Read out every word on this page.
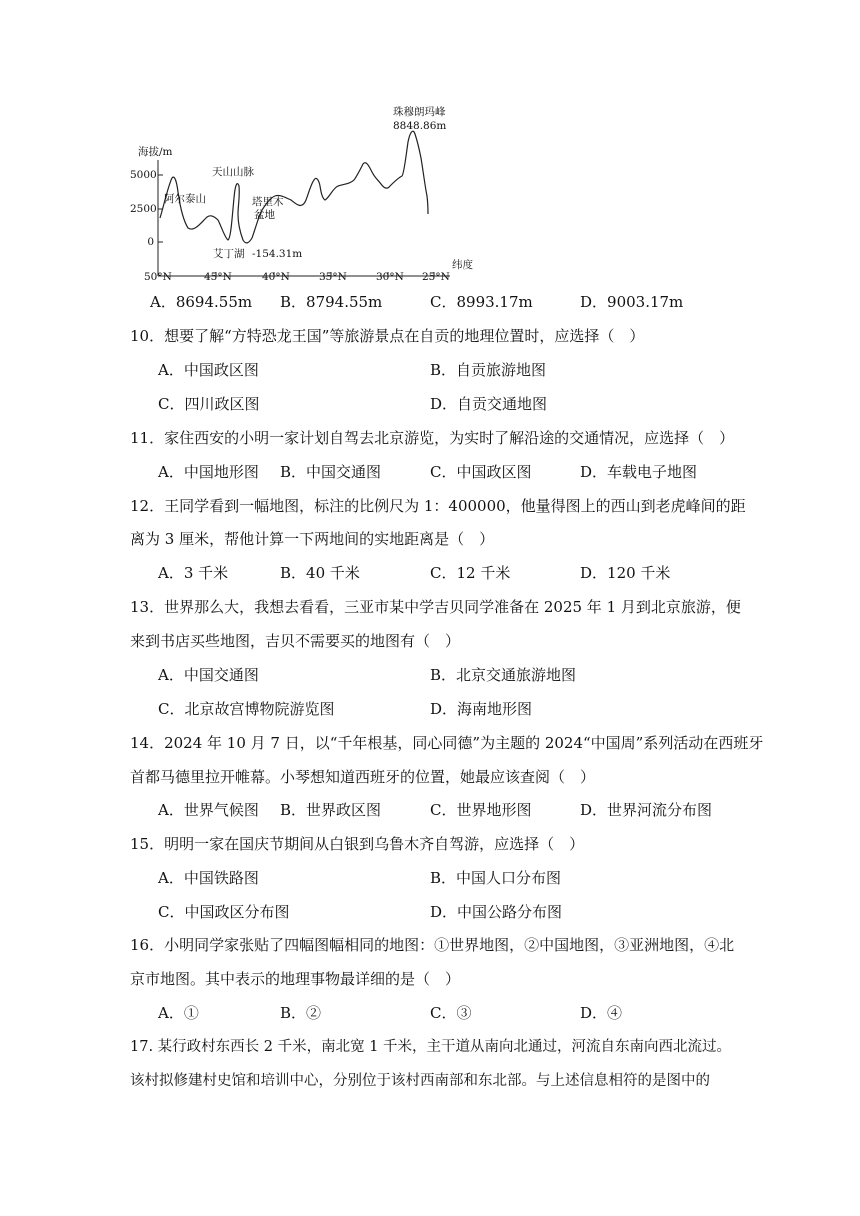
珠穆朗玛峰
8848.86m
海拔/m
5000
2500
0
阿尔泰山
天山山脉
塔里木
盆地
艾丁湖 -154.31m
50°N	45°N	40°N	35°N	30°N 25°N
纬度
A．8694.55m B．8794.55m	C．8993.17m	D．9003.17m
10．想要了解“方特恐龙王国”等旅游景点在自贡的地理位置时，应选择（　）
A．中国政区图	B．自贡旅游地图
C．四川政区图	D．自贡交通地图
11．家住西安的小明一家计划自驾去北京游览，为实时了解沿途的交通情况，应选择（　）
A．中国地形图 B．中国交通图	C．中国政区图	D．车载电子地图
12．王同学看到一幅地图，标注的比例尺为 1：400000，他量得图上的西山到老虎峰间的距
离为 3 厘米，帮他计算一下两地间的实地距离是（　）
A．3 千米	B．40 千米	C．12 千米	D．120 千米
13．世界那么大，我想去看看，三亚市某中学吉贝同学准备在 2025 年 1 月到北京旅游，便
来到书店买些地图，吉贝不需要买的地图有（　）
A．中国交通图	B．北京交通旅游地图
C．北京故宫博物院游览图	D．海南地形图
14．2024 年 10 月 7 日，以“千年根基，同心同德”为主题的 2024“中国周”系列活动在西班牙
首都马德里拉开帷幕。小琴想知道西班牙的位置，她最应该查阅（　）
A．世界气候图 B．世界政区图	C．世界地形图	D．世界河流分布图
15．明明一家在国庆节期间从白银到乌鲁木齐自驾游，应选择（　）
A．中国铁路图	B．中国人口分布图
C．中国政区分布图	D．中国公路分布图
16．小明同学家张贴了四幅图幅相同的地图：①世界地图，②中国地图，③亚洲地图，④北
京市地图。其中表示的地理事物最详细的是（　）
A．①	B．②	C．③	D．④
17. 某行政村东西长 2 千米，南北宽 1 千米，主干道从南向北通过，河流自东南向西北流过。
该村拟修建村史馆和培训中心，分别位于该村西南部和东北部。与上述信息相符的是图中的
